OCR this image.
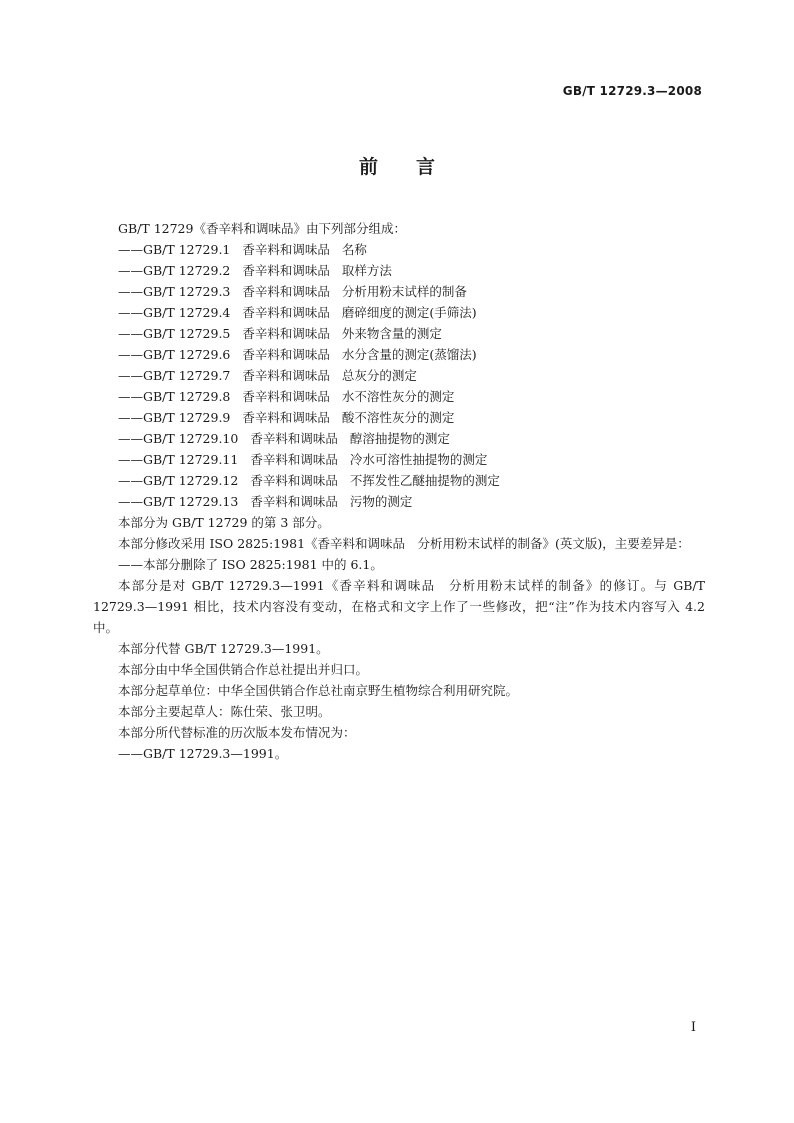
GB/T 12729.3—2008
前言

GB/T 12729《香辛料和调味品》由下列部分组成：

——GB/T 12729.1 香辛料和调味品 名称

——GB/T 12729.2 香辛料和调味品 取样方法

——GB/T 12729.3 香辛料和调味品 分析用粉末试样的制备

——GB/T 12729.4 香辛料和调味品 磨碎细度的测定(手筛法)

——GB/T 12729.5 香辛料和调味品 外来物含量的测定

——GB/T 12729.6 香辛料和调味品 水分含量的测定(蒸馏法)

——GB/T 12729.7 香辛料和调味品 总灰分的测定

——GB/T 12729.8 香辛料和调味品 水不溶性灰分的测定

——GB/T 12729.9 香辛料和调味品 酸不溶性灰分的测定

——GB/T 12729.10 香辛料和调味品 醇溶抽提物的测定

——GB/T 12729.11 香辛料和调味品 冷水可溶性抽提物的测定

——GB/T 12729.12 香辛料和调味品 不挥发性乙醚抽提物的测定

——GB/T 12729.13 香辛料和调味品 污物的测定

本部分为 GB/T 12729 的第 3 部分。

本部分修改采用 ISO 2825:1981《香辛料和调味品　分析用粉末试样的制备》(英文版)，主要差异是：

——本部分删除了 ISO 2825:1981 中的 6.1。

本部分是对 GB/T 12729.3—1991《香辛料和调味品　分析用粉末试样的制备》的修订。与 GB/T 12729.3—1991 相比，技术内容没有变动，在格式和文字上作了一些修改，把“注”作为技术内容写入 4.2 中。

本部分代替 GB/T 12729.3—1991。

本部分由中华全国供销合作总社提出并归口。

本部分起草单位：中华全国供销合作总社南京野生植物综合利用研究院。

本部分主要起草人：陈仕荣、张卫明。

本部分所代替标准的历次版本发布情况为：

——GB/T 12729.3—1991。

I
